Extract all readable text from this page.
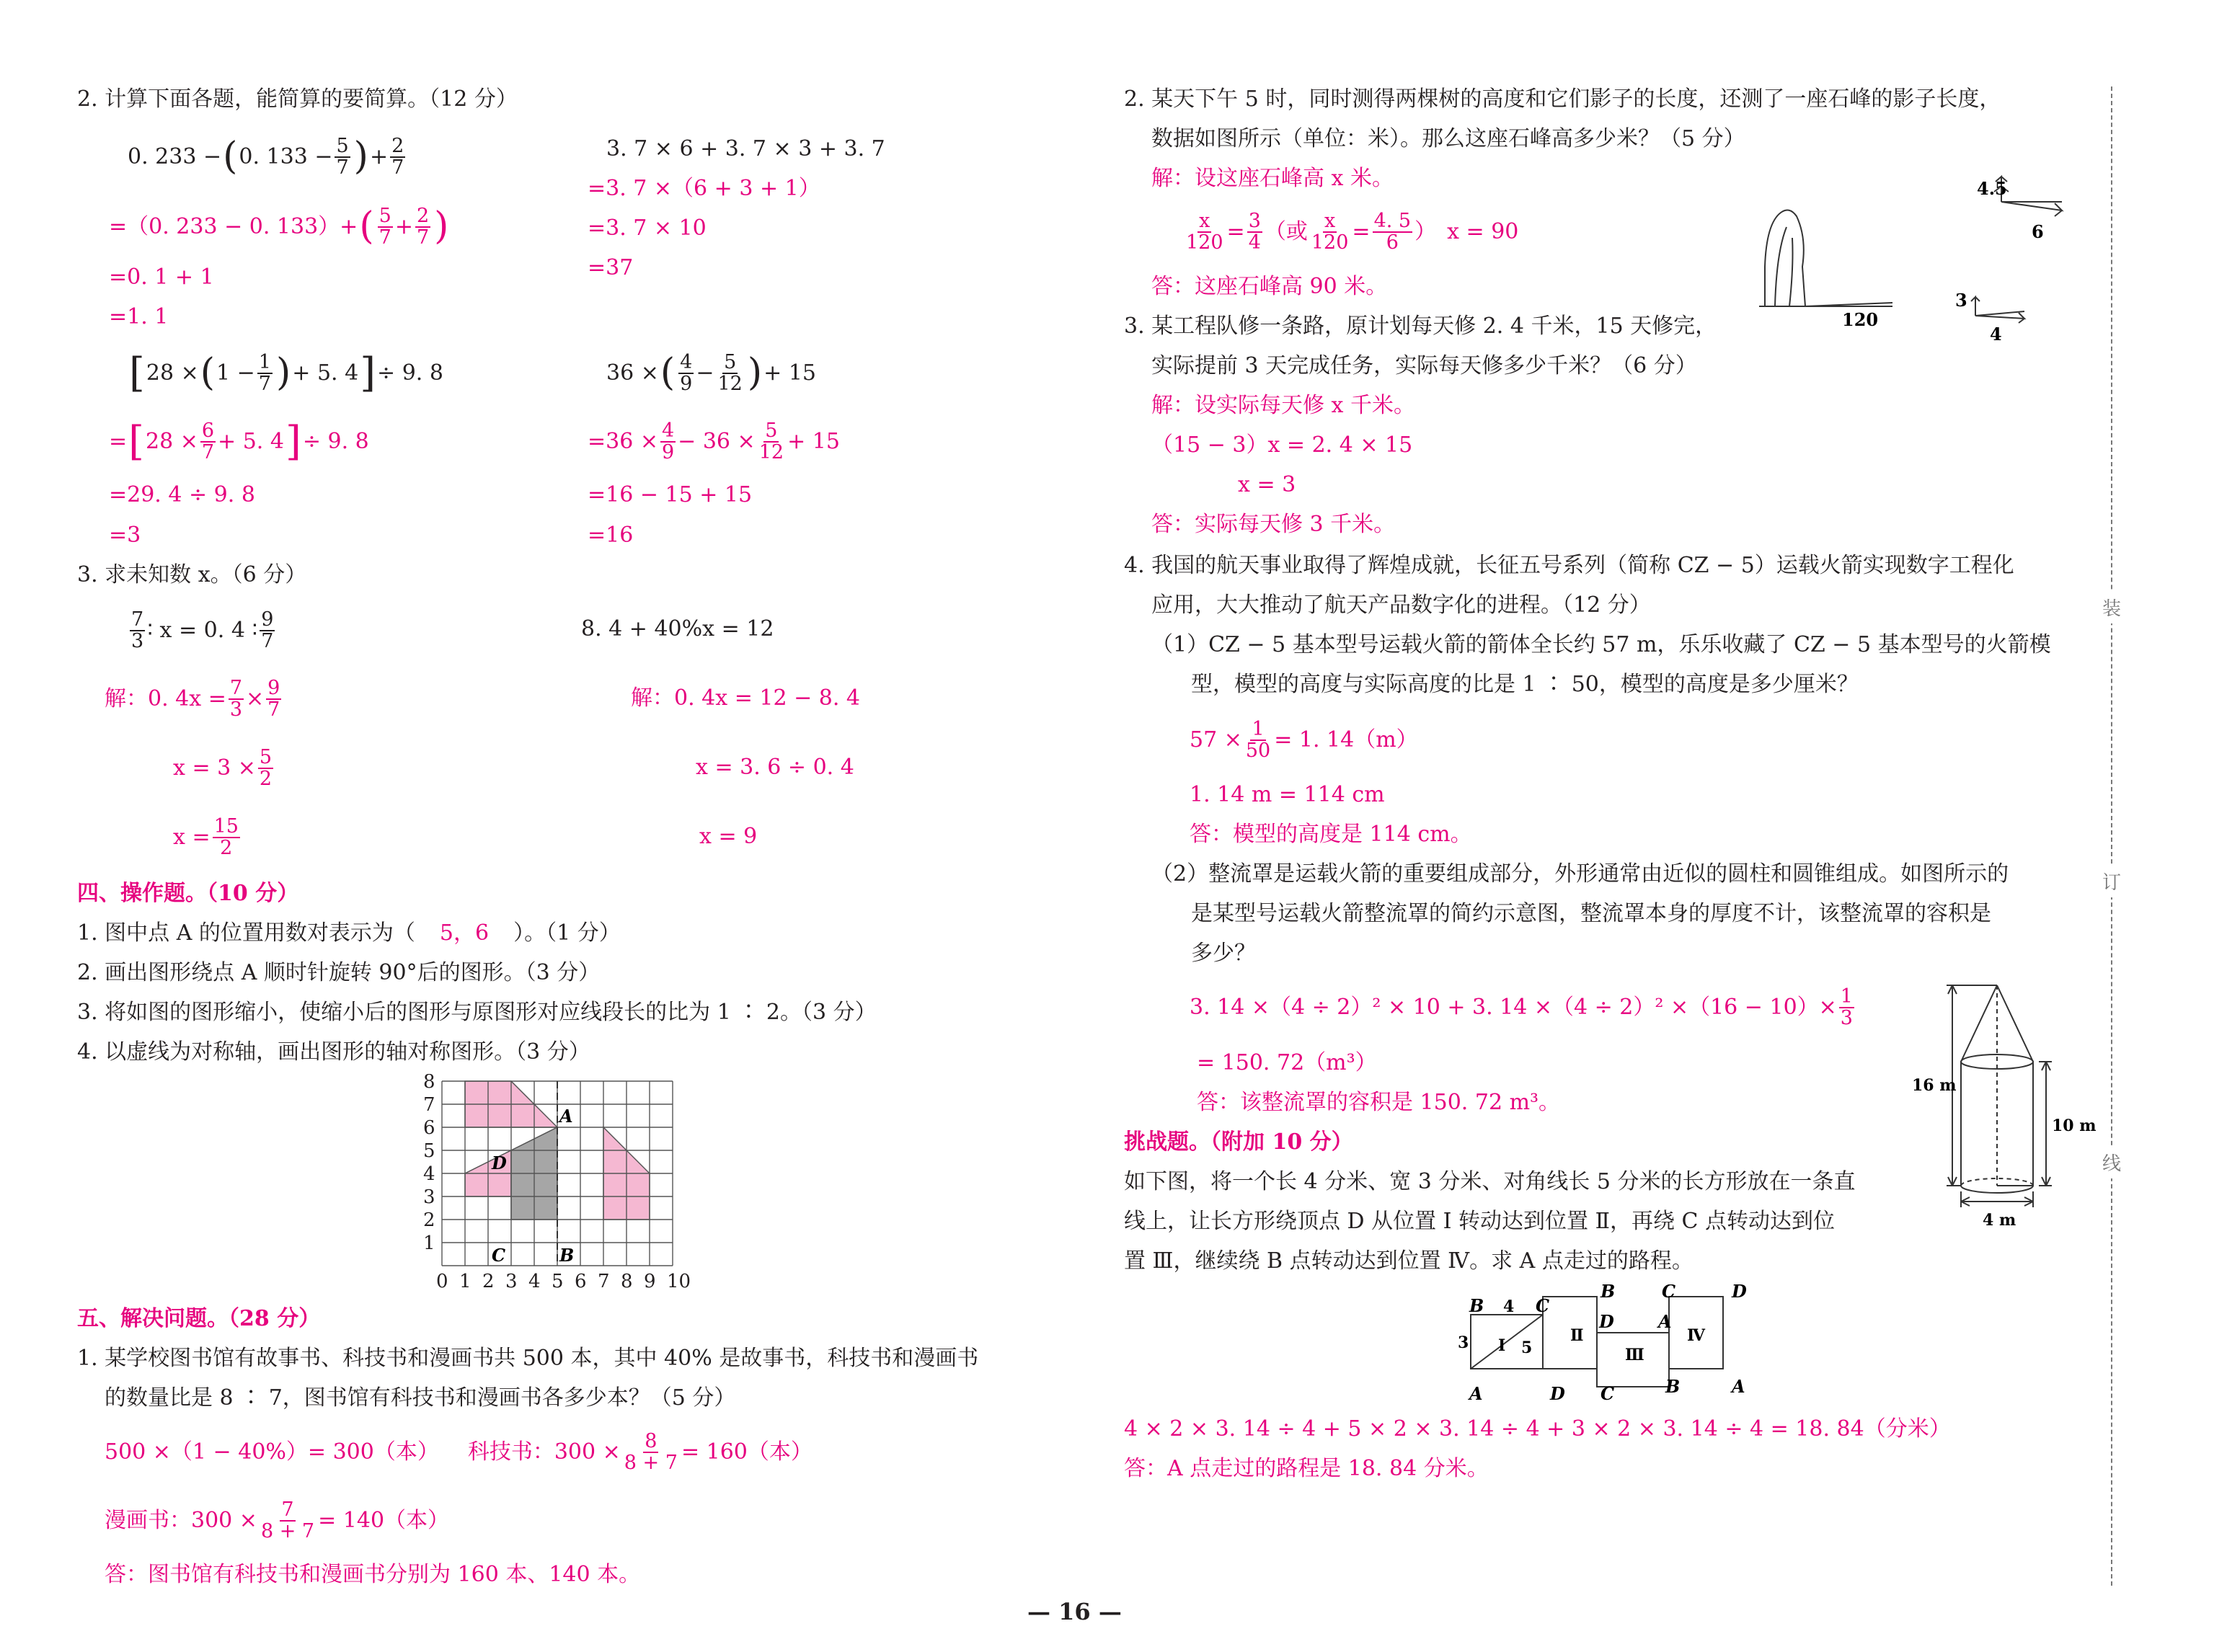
2. 计算下面各题，能简算的要简算。（12 分）
0. 233 − ( 0. 133 − 5
7 ) + 2
7
=（0. 233 − 0. 133）+ ( 5
7 + 2
7 )
=0. 1 + 1
=1. 1
3. 7 × 6 + 3. 7 × 3 + 3. 7
=3. 7 ×（6 + 3 + 1）
=3. 7 × 10
=37
[ 28 × ( 1 − 1
7 ) + 5. 4 ] ÷ 9. 8
= [ 28 × 6
7 + 5. 4 ] ÷ 9. 8
=29. 4 ÷ 9. 8
=3
36 × ( 4
9 − 5
12 ) + 15
=36 × 4
9 − 36 × 5
12 + 15
=16 − 15 + 15
=16
3. 求未知数 x。（6 分）
7
3 ∶ x = 0. 4 ∶ 9
7
解：0. 4x = 7
3 × 9
7
x = 3 × 5
2
x = 15
2
8. 4 + 40%x = 12
解：0. 4x = 12 − 8. 4
x = 3. 6 ÷ 0. 4
x = 9
四、操作题。（10 分）
1. 图中点 A 的位置用数对表示为（ 5，6 ）。（1 分）
2. 画出图形绕点 A 顺时针旋转 90°后的图形。（3 分）
3. 将如图的图形缩小，使缩小后的图形与原图形对应线段长的比为 1 ∶ 2。（3 分）
4. 以虚线为对称轴，画出图形的轴对称图形。（3 分）
0 1 2 3 4 5 6 7 8 9 10
1
2
3
4
5
6
7
8
A
D
C	B
五、解决问题。（28 分）
1. 某学校图书馆有故事书、科技书和漫画书共 500 本，其中 40% 是故事书，科技书和漫画书
的数量比是 8 ∶ 7，图书馆有科技书和漫画书各多少本？（5 分）
500 ×（1 − 40%）= 300（本） 科技书：$300 \times \frac{8}{8 + 7} = 160$（本）
漫画书：$300 \times \frac{7}{8 + 7} = 140$（本）
答：图书馆有科技书和漫画书分别为 160 本、140 本。
2. 某天下午 5 时，同时测得两棵树的高度和它们影子的长度，还测了一座石峰的影子长度，
数据如图所示（单位：米）。那么这座石峰高多少米？（5 分）
解：设这座石峰高 x 米。
x
120 = 3
4 （或 x
120 = 4. 5
6 ）　x = 90
答：这座石峰高 90 米。
4.5
6
120
3
4
3. 某工程队修一条路，原计划每天修 2. 4 千米，15 天修完，
实际提前 3 天完成任务，实际每天修多少千米？（6 分）
解：设实际每天修 x 千米。
（15 − 3）x = 2. 4 × 15
x = 3
答：实际每天修 3 千米。
4. 我国的航天事业取得了辉煌成就，长征五号系列（简称 CZ − 5）运载火箭实现数字工程化
应用，大大推动了航天产品数字化的进程。（12 分）
（1）CZ − 5 基本型号运载火箭的箭体全长约 57 m，乐乐收藏了 CZ − 5 基本型号的火箭模
型，模型的高度与实际高度的比是 1 ∶ 50，模型的高度是多少厘米？
$57 \times \frac{1}{50} = 1$. 14（m）
1. 14 m = 114 cm
答：模型的高度是 114 cm。
（2）整流罩是运载火箭的重要组成部分，外形通常由近似的圆柱和圆锥组成。如图所示的
是某型号运载火箭整流罩的简约示意图，整流罩本身的厚度不计，该整流罩的容积是
多少？
3. 14 ×（4 ÷ 2）² × 10 + 3. $14 \times(4 \div 2)^2 \times(16 - 10)\times \frac{1}{3}$
= 150. 72（m³）
答：该整流罩的容积是 150. 72 m³。
16 m
10 m
4 m
挑战题。（附加 10 分）
如下图，将一个长 4 分米、宽 3 分米、对角线长 5 分米的长方形放在一条直
线上，让长方形绕顶点 D 从位置 Ⅰ 转动达到位置 Ⅱ，再绕 C 点转动达到位
置 Ⅲ，继续绕 B 点转动达到位置 Ⅳ。求 A 点走过的路程。
B	C
B
D	A
C	D
A	D C	B	A
4
3	5
Ⅰ
Ⅱ
Ⅲ
Ⅳ
4 × 2 × 3. 14 ÷ 4 + 5 × 2 × 3. 14 ÷ 4 + 3 × 2 × 3. 14 ÷ 4 = 18. 84（分米）
答：A 点走过的路程是 18. 84 分米。
装
订
线
— 16 —
